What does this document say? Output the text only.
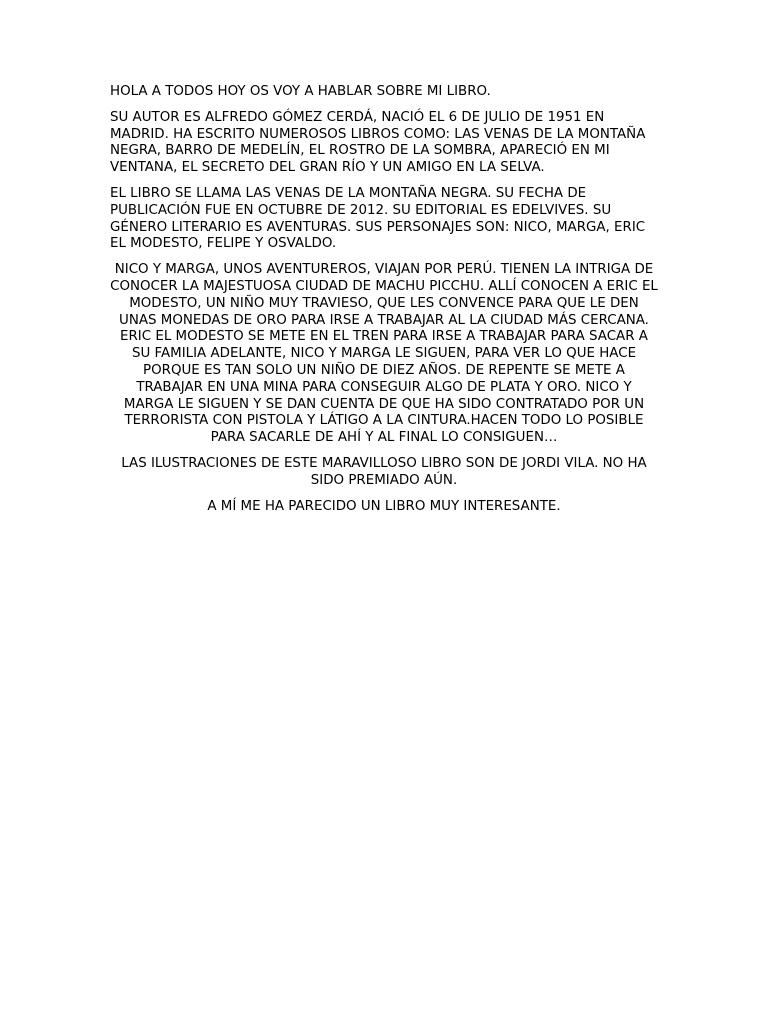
HOLA A TODOS HOY OS VOY A HABLAR SOBRE MI LIBRO.

SU AUTOR ES ALFREDO GÓMEZ CERDÁ, NACIÓ EL 6 DE JULIO DE 1951 EN MADRID. HA ESCRITO NUMEROSOS LIBROS COMO: LAS VENAS DE LA MONTAÑA NEGRA, BARRO DE MEDELÍN, EL ROSTRO DE LA SOMBRA, APARECIÓ EN MI VENTANA, EL SECRETO DEL GRAN RÍO Y UN AMIGO EN LA SELVA.

EL LIBRO SE LLAMA LAS VENAS DE LA MONTAÑA NEGRA. SU FECHA DE PUBLICACIÓN FUE EN OCTUBRE DE 2012. SU EDITORIAL ES EDELVIVES. SU GÉNERO LITERARIO ES AVENTURAS. SUS PERSONAJES SON: NICO, MARGA, ERIC EL MODESTO, FELIPE Y OSVALDO.

NICO Y MARGA, UNOS AVENTUREROS, VIAJAN POR PERÚ. TIENEN LA INTRIGA DE CONOCER LA MAJESTUOSA CIUDAD DE MACHU PICCHU. ALLÍ CONOCEN A ERIC EL MODESTO, UN NIÑO MUY TRAVIESO, QUE LES CONVENCE PARA QUE LE DEN UNAS MONEDAS DE ORO PARA IRSE A TRABAJAR AL LA CIUDAD MÁS CERCANA. ERIC EL MODESTO SE METE EN EL TREN PARA IRSE A TRABAJAR PARA SACAR A SU FAMILIA ADELANTE, NICO Y MARGA LE SIGUEN, PARA VER LO QUE HACE PORQUE ES TAN SOLO UN NIÑO DE DIEZ AÑOS. DE REPENTE SE METE A TRABAJAR EN UNA MINA PARA CONSEGUIR ALGO DE PLATA Y ORO. NICO Y MARGA LE SIGUEN Y SE DAN CUENTA DE QUE HA SIDO CONTRATADO POR UN TERRORISTA CON PISTOLA Y LÁTIGO A LA CINTURA.HACEN TODO LO POSIBLE PARA SACARLE DE AHÍ Y AL FINAL LO CONSIGUEN…

LAS ILUSTRACIONES DE ESTE MARAVILLOSO LIBRO SON DE JORDI VILA. NO HA SIDO PREMIADO AÚN.

A MÍ ME HA PARECIDO UN LIBRO MUY INTERESANTE.
